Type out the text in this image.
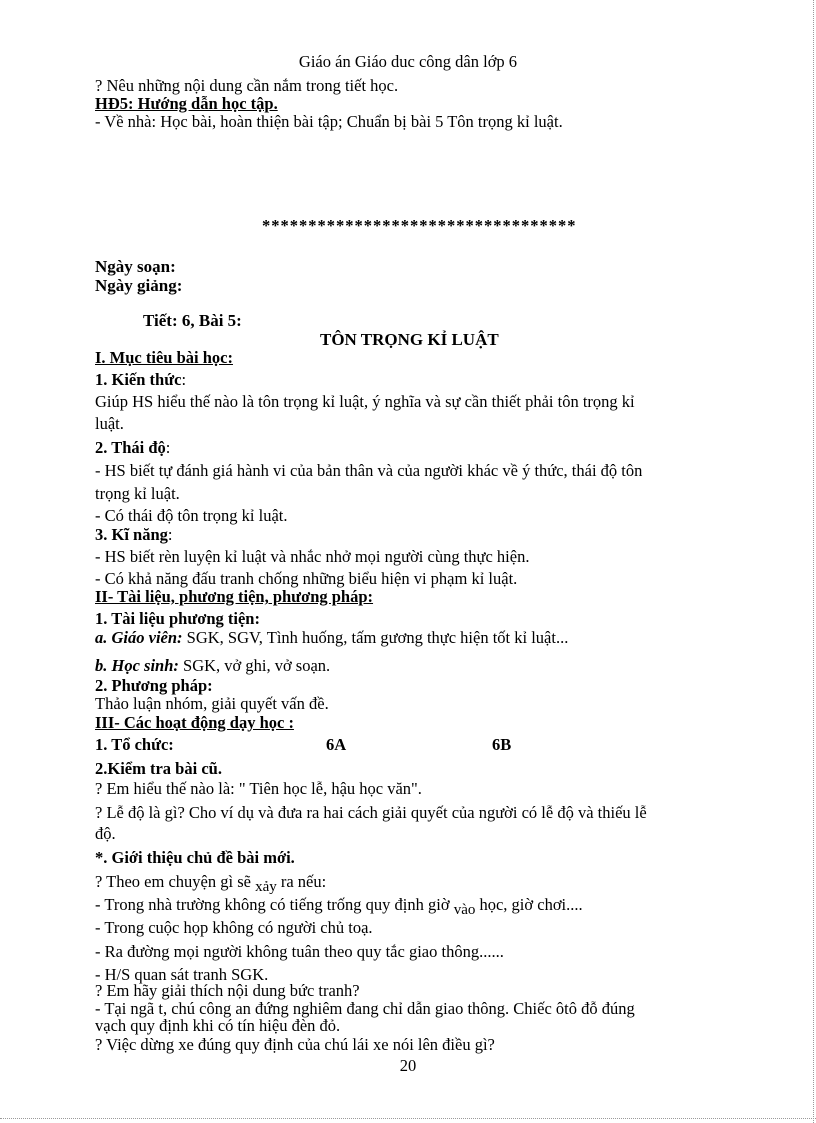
Giáo án Giáo duc công dân lớp 6
? Nêu những nội dung cần nắm trong tiết học.
HĐ5: Hướng dẫn học tập.
- Về nhà: Học bài, hoàn thiện bài tập; Chuẩn bị bài 5 Tôn trọng kỉ luật.
**********************************
Ngày soạn:
Ngày giảng:
Tiết: 6, Bài 5:
TÔN TRỌNG KỈ LUẬT
I. Mục tiêu bài học:
1. Kiến thức:
Giúp HS hiểu thế nào là tôn trọng kỉ luật, ý nghĩa và sự cần thiết phải tôn trọng kỉ
luật.
2. Thái độ:
- HS biết tự đánh giá hành vi của bản thân và của người khác về ý thức, thái độ tôn
trọng kỉ luật.
- Có thái độ tôn trọng kỉ luật.
3. Kĩ năng:
- HS biết rèn luyện kỉ luật và nhắc nhở mọi người cùng thực hiện.
- Có khả năng đấu tranh chống những biểu hiện vi phạm kỉ luật.
II- Tài liệu, phương tiện, phương pháp:
1. Tài liệu phương tiện:
a. Giáo viên: SGK, SGV, Tình huống, tấm gương thực hiện tốt kỉ luật...
b. Học sinh: SGK, vở ghi, vở soạn.
2. Phương pháp:
Thảo luận nhóm, giải quyết vấn đề.
III- Các hoạt động dạy học :
1. Tổ chức:	6A	6B
2.Kiểm tra bài cũ.
? Em hiểu thế nào là: " Tiên học lễ, hậu học văn".
? Lễ độ là gì? Cho ví dụ và đưa ra hai cách giải quyết của người có lễ độ và thiếu lễ
độ.
*. Giới thiệu chủ đề bài mới.
? Theo em chuyện gì sẽ xảy ra nếu:
- Trong nhà trường không có tiếng trống quy định giờ vào học, giờ chơi....
- Trong cuộc họp không có người chủ toạ.
- Ra đường mọi người không tuân theo quy tắc giao thông......
- H/S quan sát tranh SGK.
? Em hãy giải thích nội dung bức tranh?
- Tại ngã t, chú công an đứng nghiêm đang chỉ dẫn giao thông. Chiếc ôtô đỗ đúng
vạch quy định khi có tín hiệu đèn đỏ.
? Việc dừng xe đúng quy định của chú lái xe nói lên điều gì?
20
